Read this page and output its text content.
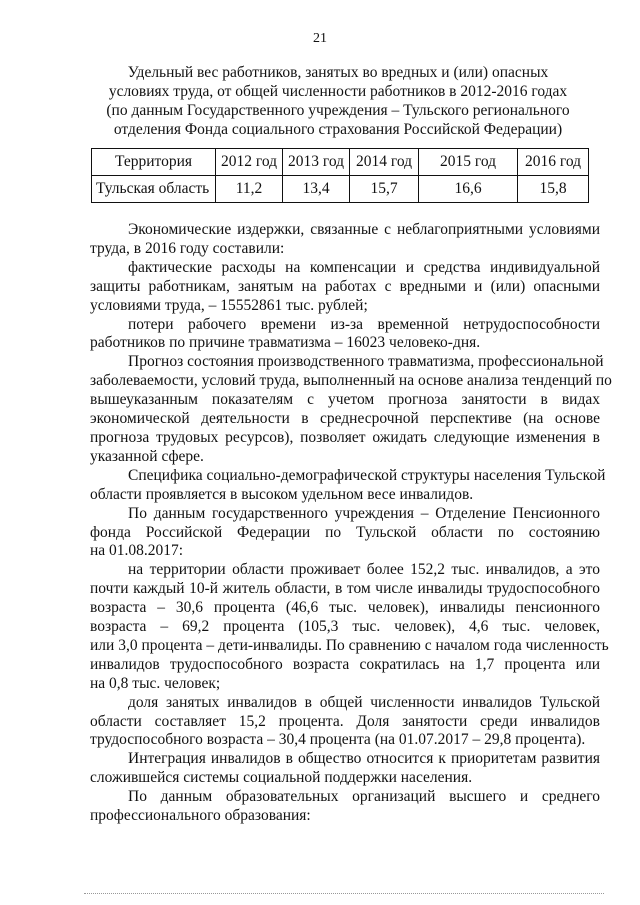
21
Удельный вес работников, занятых во вредных и (или) опасных
условиях труда, от общей численности работников в 2012-2016 годах
(по данным Государственного учреждения – Тульского регионального
отделения Фонда социального страхования Российской Федерации)
Территория	2012 год	2013 год	2014 год	2015 год	2016 год
Тульская область	11,2	13,4	15,7	16,6	15,8
Экономические издержки, связанные с неблагоприятными условиями
труда, в 2016 году составили:
фактические расходы на компенсации и средства индивидуальной
защиты работникам, занятым на работах с вредными и (или) опасными
условиями труда, – 15552861 тыс. рублей;
потери рабочего времени из-за временной нетрудоспособности
работников по причине травматизма – 16023 человеко-дня.
Прогноз состояния производственного травматизма, профессиональной
заболеваемости, условий труда, выполненный на основе анализа тенденций по
вышеуказанным показателям с учетом прогноза занятости в видах
экономической деятельности в среднесрочной перспективе (на основе
прогноза трудовых ресурсов), позволяет ожидать следующие изменения в
указанной сфере.
Специфика социально-демографической структуры населения Тульской
области проявляется в высоком удельном весе инвалидов.
По данным государственного учреждения – Отделение Пенсионного
фонда Российской Федерации по Тульской области по состоянию
на 01.08.2017:
на территории области проживает более 152,2 тыс. инвалидов, а это
почти каждый 10-й житель области, в том числе инвалиды трудоспособного
возраста – 30,6 процента (46,6 тыс. человек), инвалиды пенсионного
возраста – 69,2 процента (105,3 тыс. человек), 4,6 тыс. человек,
или 3,0 процента – дети-инвалиды. По сравнению с началом года численность
инвалидов трудоспособного возраста сократилась на 1,7 процента или
на 0,8 тыс. человек;
доля занятых инвалидов в общей численности инвалидов Тульской
области составляет 15,2 процента. Доля занятости среди инвалидов
трудоспособного возраста – 30,4 процента (на 01.07.2017 – 29,8 процента).
Интеграция инвалидов в общество относится к приоритетам развития
сложившейся системы социальной поддержки населения.
По данным образовательных организаций высшего и среднего
профессионального образования:
